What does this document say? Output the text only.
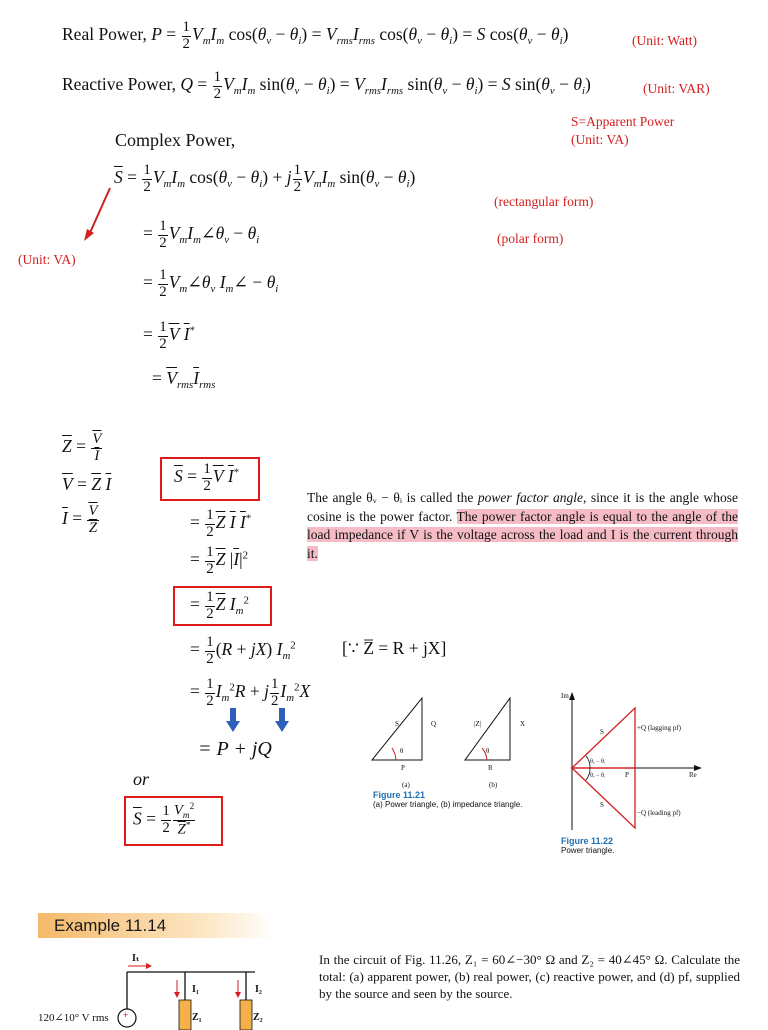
Real Power, $P = \frac{1}{2} V_mI_m$ $\cos(\theta_v - \theta_i) = V_{rms}I_{rms}$ $\cos(\theta_v - \theta_i) = S$ $\cos(\theta_v - \theta_i)$	(Unit: Watt)
Reactive Power, $Q = \frac{1}{2} V_mI_m$ $\sin(\theta_v - \theta_i) = V_{rms}I_{rms}$ $\sin(\theta_v - \theta_i) = S$ $\sin(\theta_v - \theta_i)$	(Unit: VAR)
Complex Power,
S=Apparent Power
(Unit: VA)
$\overline{S} = \frac{1}{2} V_mI_m$ $\cos(\theta_v - \theta_i) + j \frac{1}{2} V_mI_m$ $\sin(\theta_v - \theta_i)$
(rectangular form)
= $\frac{1}{2}$ $V_mI_m\angle\theta_v - \theta_i$	(polar form)
(Unit: VA)
= $\frac{1}{2}$ $V_m\angle\theta_v$ $I_m\angle - \theta_i$
= $\frac{1}{2} \overline{V}$ $\overline{I}^*$
= $\overline{V}_{rms}\overline{I}_{rms}$
$\overline{Z} = \frac{\overline{V}}{I}$
$\overline{V} = \overline{Z}$ $\overline{I}$
$\overline{I} = \frac{\overline{V}}{Z}$
$\overline{S} = \frac{1}{2} \overline{V}$ $\overline{I}^*$
= $\frac{1}{2} \overline{Z}$ $\overline{I}$ $\overline{I}^*$
= $\frac{1}{2} \overline{Z}$ $|\overline{I}|^2$
= $\frac{1}{2} \overline{Z}$ $I_m^2$
= $\frac{1}{2} (R + jX)$ $I_m^2$	[∵ Z̅ = R + jX]
= $\frac{1}{2} I_m^2R + j \frac{1}{2} I_m^2X$
= P + jQ
or
$\overline{S} = \frac{1}{2} \frac{V_m^2}{\overline{Z}^*}$
The angle θᵥ − θᵢ is called the power factor angle, since it is the angle whose cosine is the power factor. The power factor angle is equal to the angle of the load impedance if V is the voltage across the load and I is the current through it.
S	Q
P
θ
(a)
|Z|	X
R
θ
(b)
Figure 11.21
(a) Power triangle, (b) impedance triangle.
Im
Re
S
S
P
+Q (lagging pf)
−Q (leading pf)
θᵥ − θᵢ
θᵥ − θᵢ
Figure 11.22
Power triangle.
Example 11.14
In the circuit of Fig. 11.26, Z₁ = 60∠−30° Ω and Z₂ = 40∠45° Ω. Calculate the total: (a) apparent power, (b) real power, (c) reactive power, and (d) pf, supplied by the source and seen by the source.
+
Iₜ
I₁	I₂
120∠10° V rms	Z₁	Z₂
